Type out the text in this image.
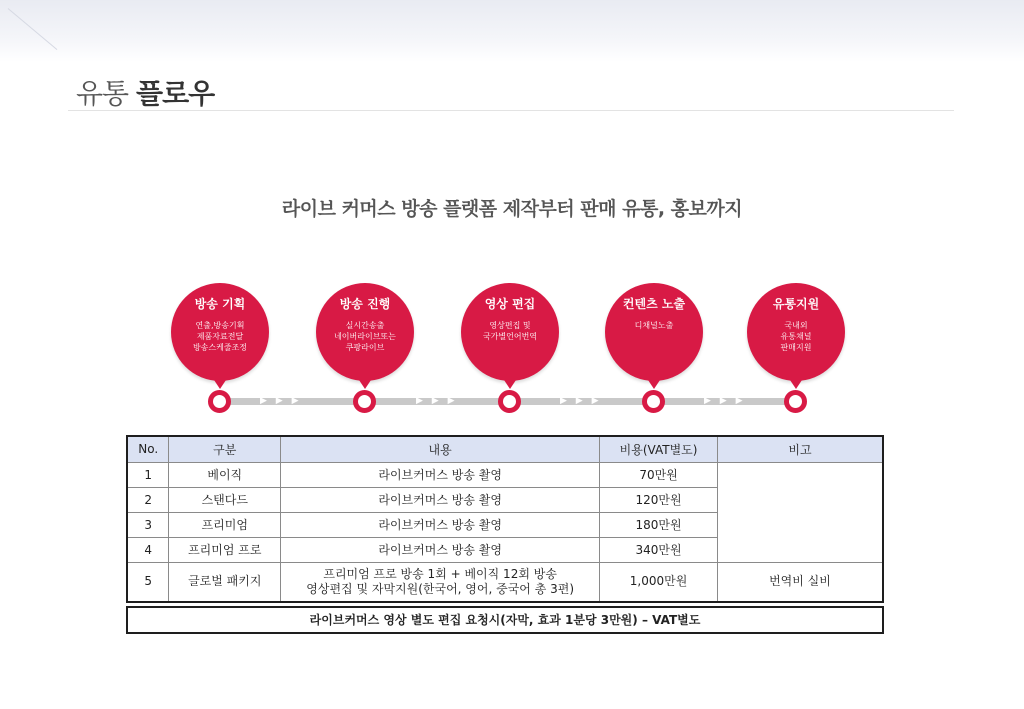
유통 플로우
라이브 커머스 방송 플랫폼 제작부터 판매 유통, 홍보까지
▶ ▶ ▶	▶ ▶ ▶	▶ ▶ ▶	▶ ▶ ▶
방송 기획
연출,방송기획
제품자료전달
방송스케줄조정
방송 진행
실시간송출
네이버라이브또는
쿠팡라이브
영상 편집
영상편집 및
국가별언어번역
컨텐츠 노출
디채널노출
유통지원
국내외
유통채널
판매지원
No.	구분	내용	비용(VAT별도)	비고
1	베이직	라이브커머스 방송 촬영	70만원	
2	스탠다드	라이브커머스 방송 촬영	120만원	
3	프리미엄	라이브커머스 방송 촬영	180만원	
4	프리미엄 프로	라이브커머스 방송 촬영	340만원	
5	글로벌 패키지	프리미엄 프로 방송 1회 + 베이직 12회 방송
영상편집 및 자막지원(한국어, 영어, 중국어 총 3편)	1,000만원	번역비 실비
라이브커머스 영상 별도 편집 요청시(자막, 효과 1분당 3만원) – VAT별도
